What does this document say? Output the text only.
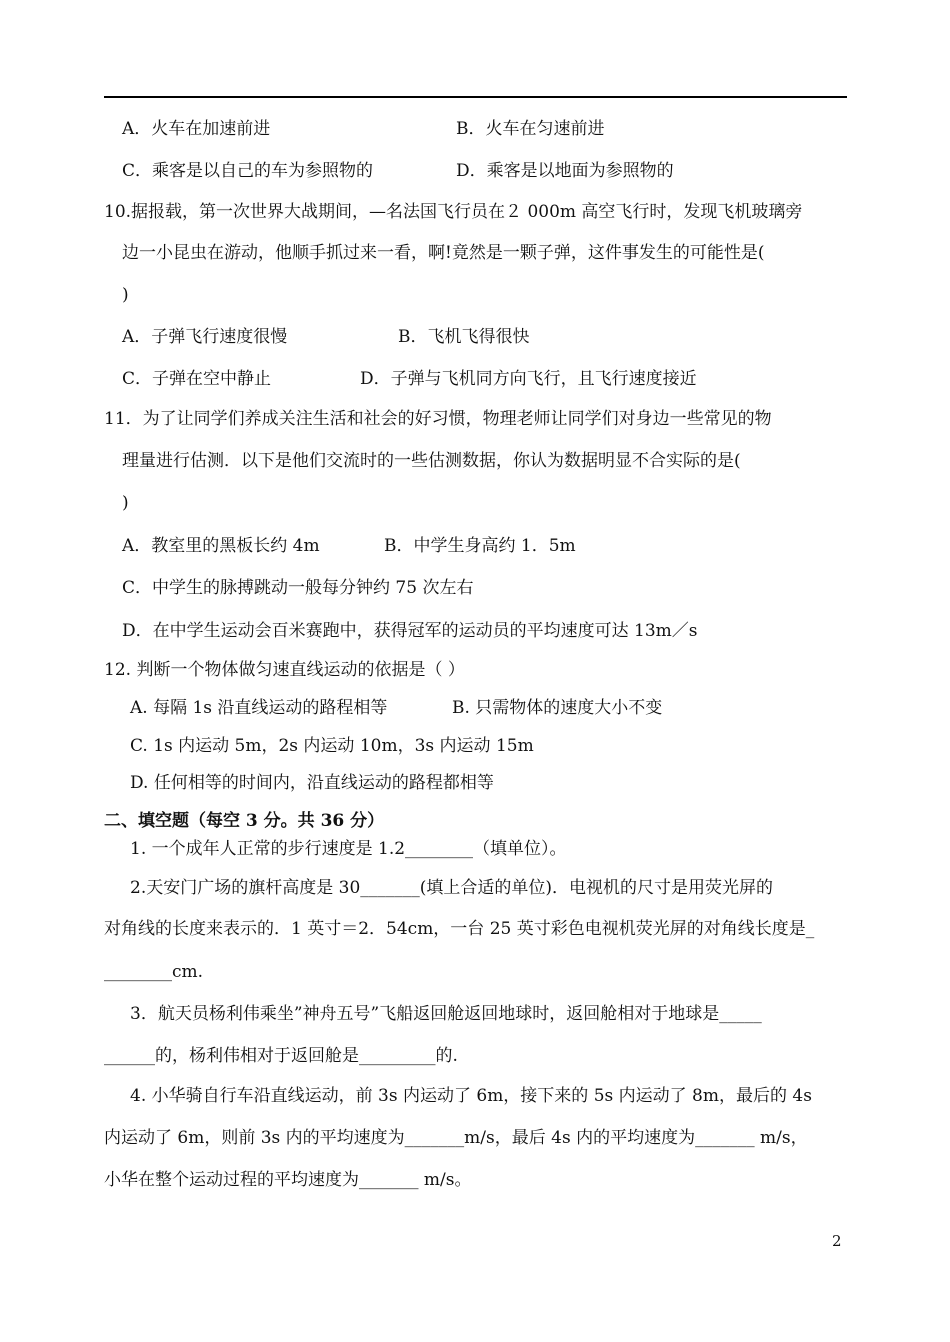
A．火车在加速前进	B．火车在匀速前进
C．乘客是以自己的车为参照物的	D．乘客是以地面为参照物的
10.据报载，第一次世界大战期间，—名法国飞行员在２ 000m 高空飞行时，发现飞机玻璃旁
边一小昆虫在游动，他顺手抓过来一看，啊!竟然是一颗子弹，这件事发生的可能性是(
)
A．子弹飞行速度很慢	B．飞机飞得很快
C．子弹在空中静止	D．子弹与飞机同方向飞行，且飞行速度接近
11．为了让同学们养成关注生活和社会的好习惯，物理老师让同学们对身边一些常见的物
理量进行估测．以下是他们交流时的一些估测数据，你认为数据明显不合实际的是(
)
A．教室里的黑板长约 4m	B．中学生身高约 1．5m
C．中学生的脉搏跳动一般每分钟约 75 次左右
D．在中学生运动会百米赛跑中，获得冠军的运动员的平均速度可达 13m／s
12. 判断一个物体做匀速直线运动的依据是（ ）
A. 每隔 1s 沿直线运动的路程相等	B. 只需物体的速度大小不变
C. 1s 内运动 5m，2s 内运动 10m，3s 内运动 15m
D. 任何相等的时间内，沿直线运动的路程都相等
二、填空题（每空 3 分。共 36 分）
1. 一个成年人正常的步行速度是 1.2________（填单位）。
2.天安门广场的旗杆高度是 30_______(填上合适的单位)．电视机的尺寸是用荧光屏的
对角线的长度来表示的．1 英寸＝2．54cm，一台 25 英寸彩色电视机荧光屏的对角线长度是_
________cm.
3．航天员杨利伟乘坐”神舟五号”飞船返回舱返回地球时，返回舱相对于地球是_____
______的，杨利伟相对于返回舱是_________的.
4. 小华骑自行车沿直线运动，前 3s 内运动了 6m，接下来的 5s 内运动了 8m，最后的 4s
内运动了 6m，则前 3s 内的平均速度为_______m/s，最后 4s 内的平均速度为_______ m/s，
小华在整个运动过程的平均速度为_______ m/s。
2
